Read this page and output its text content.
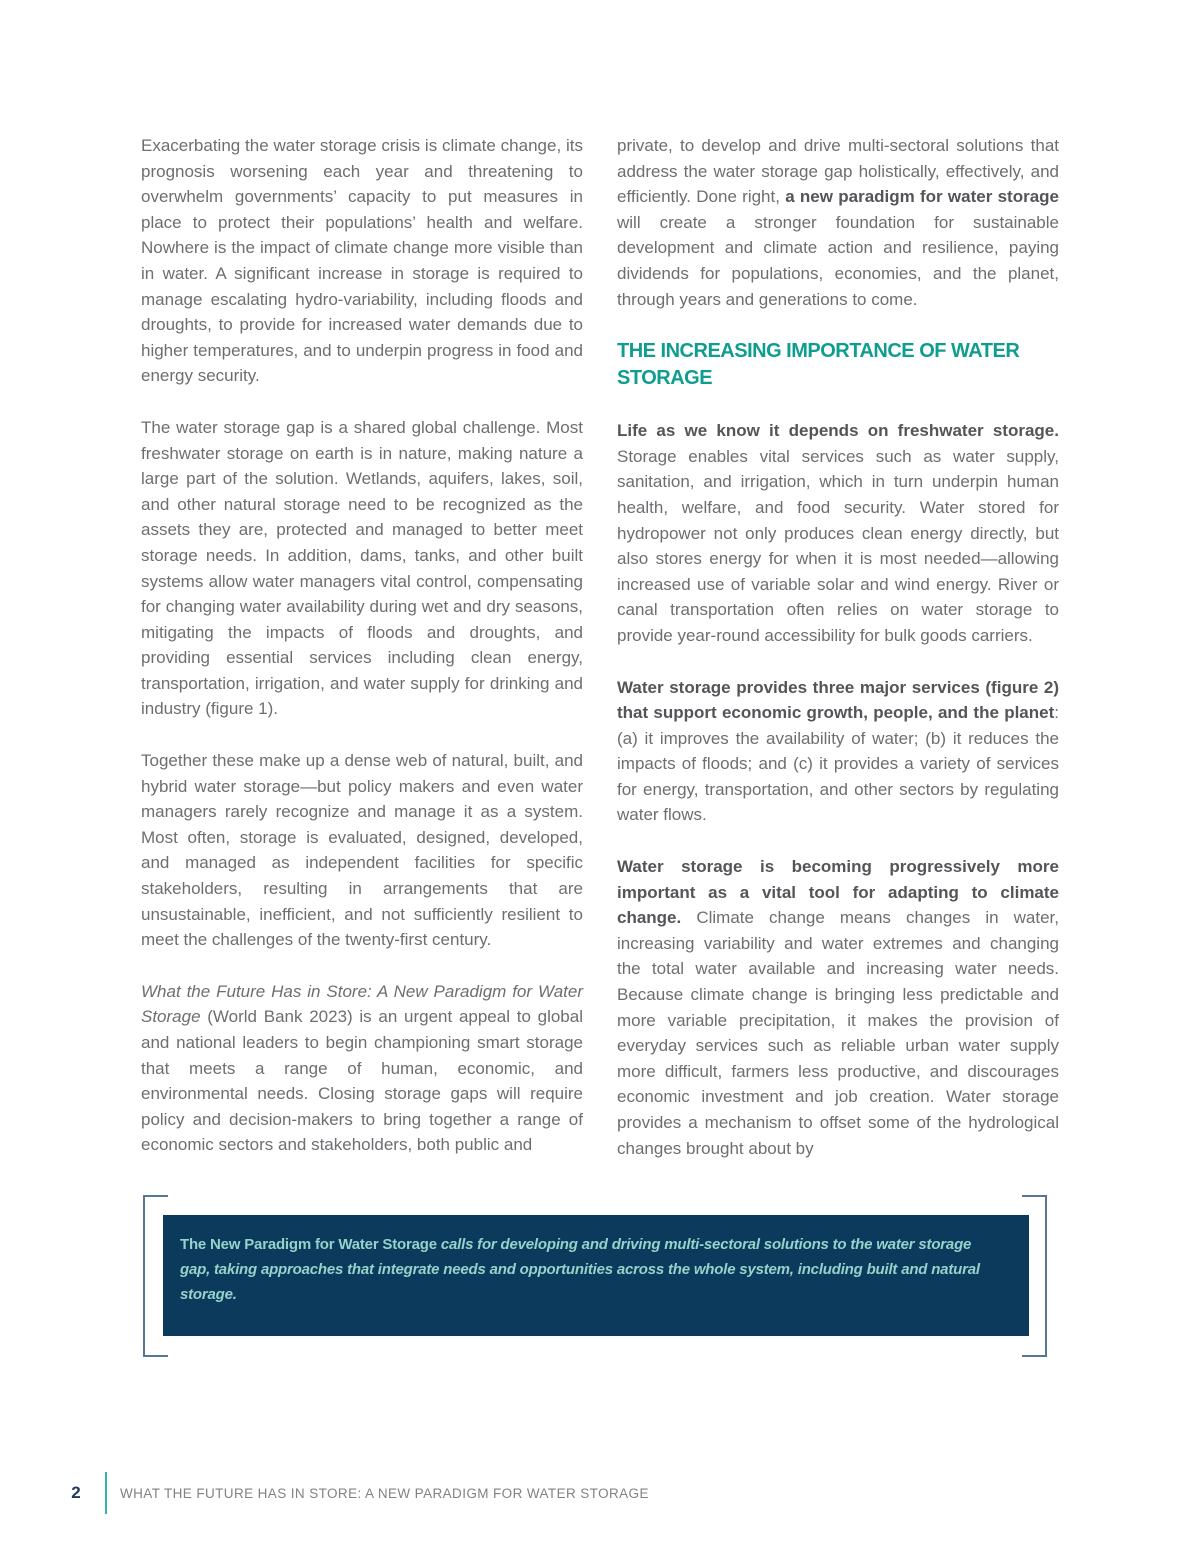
Exacerbating the water storage crisis is climate change, its prognosis worsening each year and threatening to overwhelm governments’ capacity to put measures in place to protect their populations’ health and welfare. Nowhere is the impact of climate change more visible than in water. A significant increase in storage is required to manage escalating hydro-variability, including floods and droughts, to provide for increased water demands due to higher temperatures, and to underpin progress in food and energy security.

The water storage gap is a shared global challenge. Most freshwater storage on earth is in nature, making nature a large part of the solution. Wetlands, aquifers, lakes, soil, and other natural storage need to be recognized as the assets they are, protected and managed to better meet storage needs. In addition, dams, tanks, and other built systems allow water managers vital control, compensating for changing water availability during wet and dry seasons, mitigating the impacts of floods and droughts, and providing essential services including clean energy, transportation, irrigation, and water supply for drinking and industry (figure 1).

Together these make up a dense web of natural, built, and hybrid water storage—but policy makers and even water managers rarely recognize and manage it as a system. Most often, storage is evaluated, designed, developed, and managed as independent facilities for specific stakeholders, resulting in arrangements that are unsustainable, inefficient, and not sufficiently resilient to meet the challenges of the twenty-first century.

What the Future Has in Store: A New Paradigm for Water Storage (World Bank 2023) is an urgent appeal to global and national leaders to begin championing smart storage that meets a range of human, economic, and environmental needs. Closing storage gaps will require policy and decision-makers to bring together a range of economic sectors and stakeholders, both public and

private, to develop and drive multi-sectoral solutions that address the water storage gap holistically, effectively, and efficiently. Done right, a new paradigm for water storage will create a stronger foundation for sustainable development and climate action and resilience, paying dividends for populations, economies, and the planet, through years and generations to come.

THE INCREASING IMPORTANCE OF WATER STORAGE

Life as we know it depends on freshwater storage. Storage enables vital services such as water supply, sanitation, and irrigation, which in turn underpin human health, welfare, and food security. Water stored for hydropower not only produces clean energy directly, but also stores energy for when it is most needed—allowing increased use of variable solar and wind energy. River or canal transportation often relies on water storage to provide year-round accessibility for bulk goods carriers.

Water storage provides three major services (figure 2) that support economic growth, people, and the planet: (a) it improves the availability of water; (b) it reduces the impacts of floods; and (c) it provides a variety of services for energy, transportation, and other sectors by regulating water flows.

Water storage is becoming progressively more important as a vital tool for adapting to climate change. Climate change means changes in water, increasing variability and water extremes and changing the total water available and increasing water needs. Because climate change is bringing less predictable and more variable precipitation, it makes the provision of everyday services such as reliable urban water supply more difficult, farmers less productive, and discourages economic investment and job creation. Water storage provides a mechanism to offset some of the hydrological changes brought about by

The New Paradigm for Water Storage calls for developing and driving multi-sectoral solutions to the water storage gap, taking approaches that integrate needs and opportunities across the whole system, including built and natural storage.

2	WHAT THE FUTURE HAS IN STORE: A NEW PARADIGM FOR WATER STORAGE
